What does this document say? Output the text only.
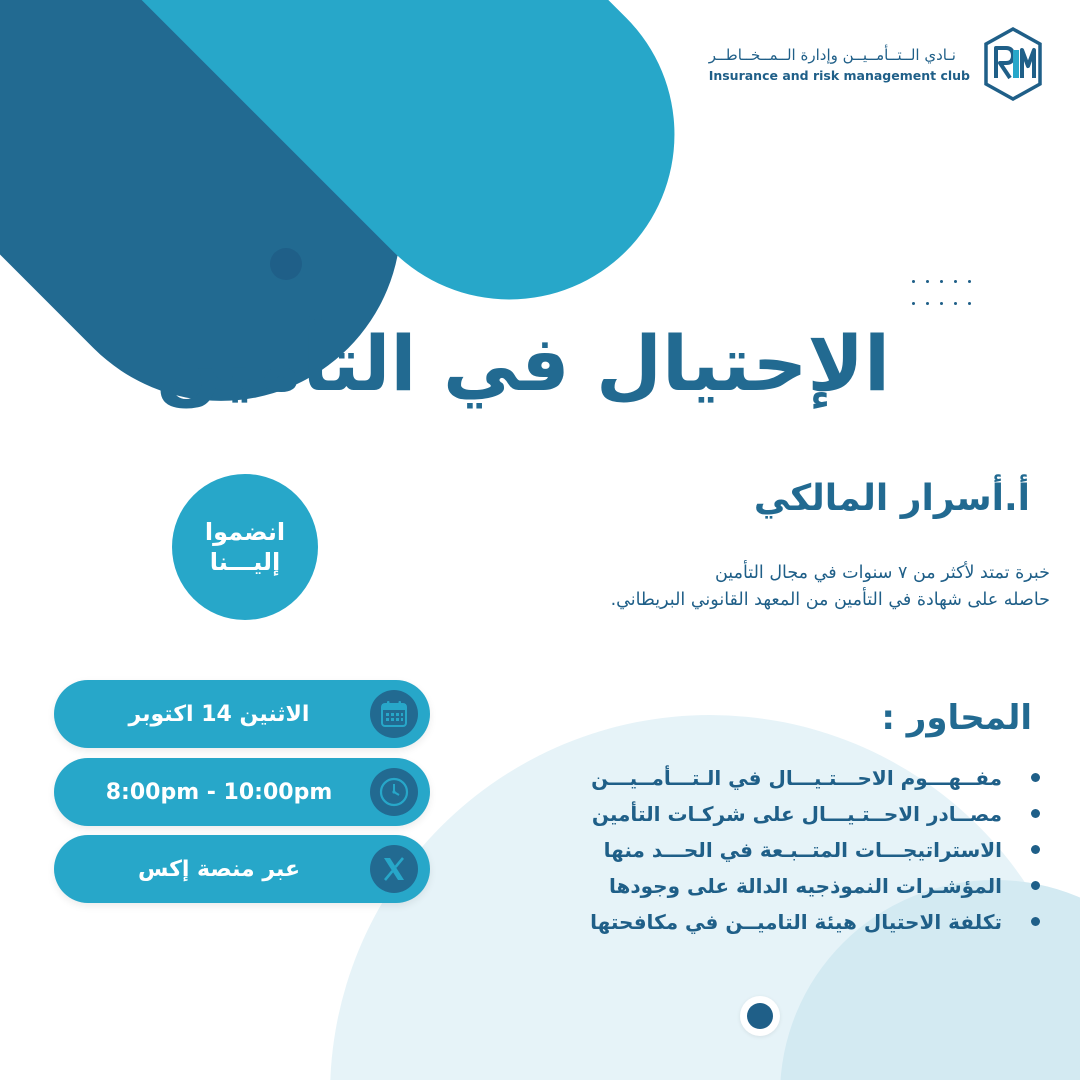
نـادي الــتــأمــيــن وإدارة الــمــخــاطــر
Insurance and risk management club
الإحتيال في التأمين
انضموا
إليـــنا
أ.أسرار المالكي
خبرة تمتد لأكثر من ٧ سنوات في مجال التأمين
حاصله على شهادة في التأمين من المعهد القانوني البريطاني.
الاثنين 14 اكتوبر
8:00pm - 10:00pm
عبر منصة إكس
المحاور :
مفــهـــوم الاحـــتـيـــال في الـتـــأمــيـــن
مصــادر الاحــتـيـــال على شركـات التأمين
الاستراتيجـــات المتــبـعة في الحـــد منها
المؤشـرات النموذجيه الدالة على وجودها
تكلفة الاحتيال هيئة التاميــن في مكافحتها
